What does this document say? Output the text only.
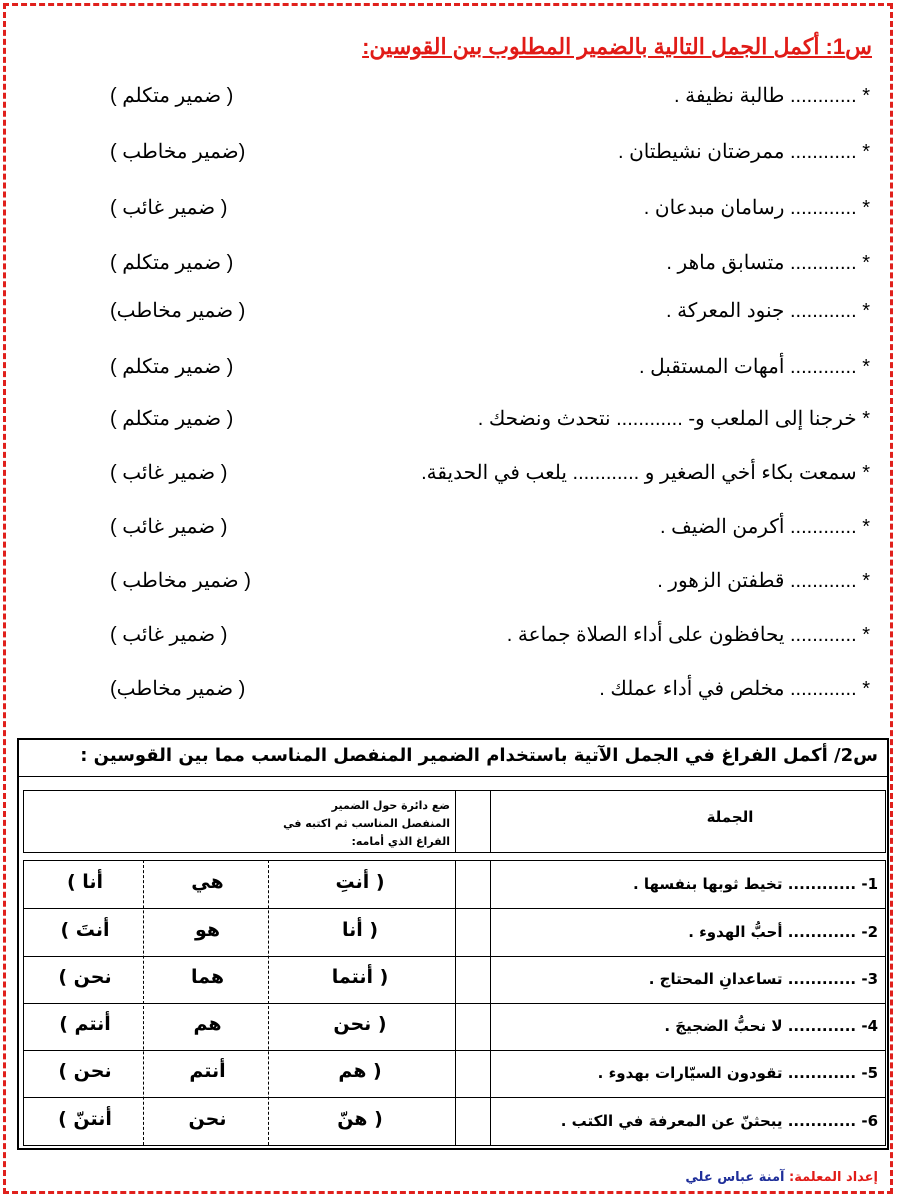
س1: أكمل الجمل التالية بالضمير المطلوب بين القوسين:
* ............ طالبة نظيفة .
( ضمير متكلم )
* ............ ممرضتان نشيطتان .
(ضمير مخاطب )
* ............ رسامان مبدعان .
( ضمير غائب )
* ............ متسابق ماهر .
( ضمير متكلم )
* ............ جنود المعركة .
( ضمير مخاطب)
* ............ أمهات المستقبل .
( ضمير متكلم )
* خرجنا إلى الملعب و- ............ نتحدث ونضحك .
( ضمير متكلم )
* سمعت بكاء أخي الصغير و ............ يلعب في الحديقة.
( ضمير غائب )
* ............ أكرمن الضيف .
( ضمير غائب )
* ............ قطفتن الزهور .
( ضمير مخاطب )
* ............ يحافظون على أداء الصلاة جماعة .
( ضمير غائب )
* ............ مخلص في أداء عملك .
( ضمير مخاطب)
س2/ أكمل الفراغ في الجمل الآتية باستخدام الضمير المنفصل المناسب مما بين القوسين :
الجملة
ضع دائرة حول الضمير المنفصل المناسب ثم اكتبه في الفراغ الذي أمامه:
1- ............ تخيط ثوبها بنفسها .
( أنتِ
هي
أنا )
2- ............ أحبُّ الهدوء .
( أنا
هو
أنتَ )
3- ............ تساعدانِ المحتاج .
( أنتما
هما
نحن )
4- ............ لا نحبُّ الضجيجَ .
( نحن
هم
أنتم )
5- ............ تقودون السيّارات بهدوء .
( هم
أنتم
نحن )
6- ............ يبحثنّ عن المعرفة في الكتب .
( هنّ
نحن
أنتنّ )
إعداد المعلمة: آمنة عباس علي
